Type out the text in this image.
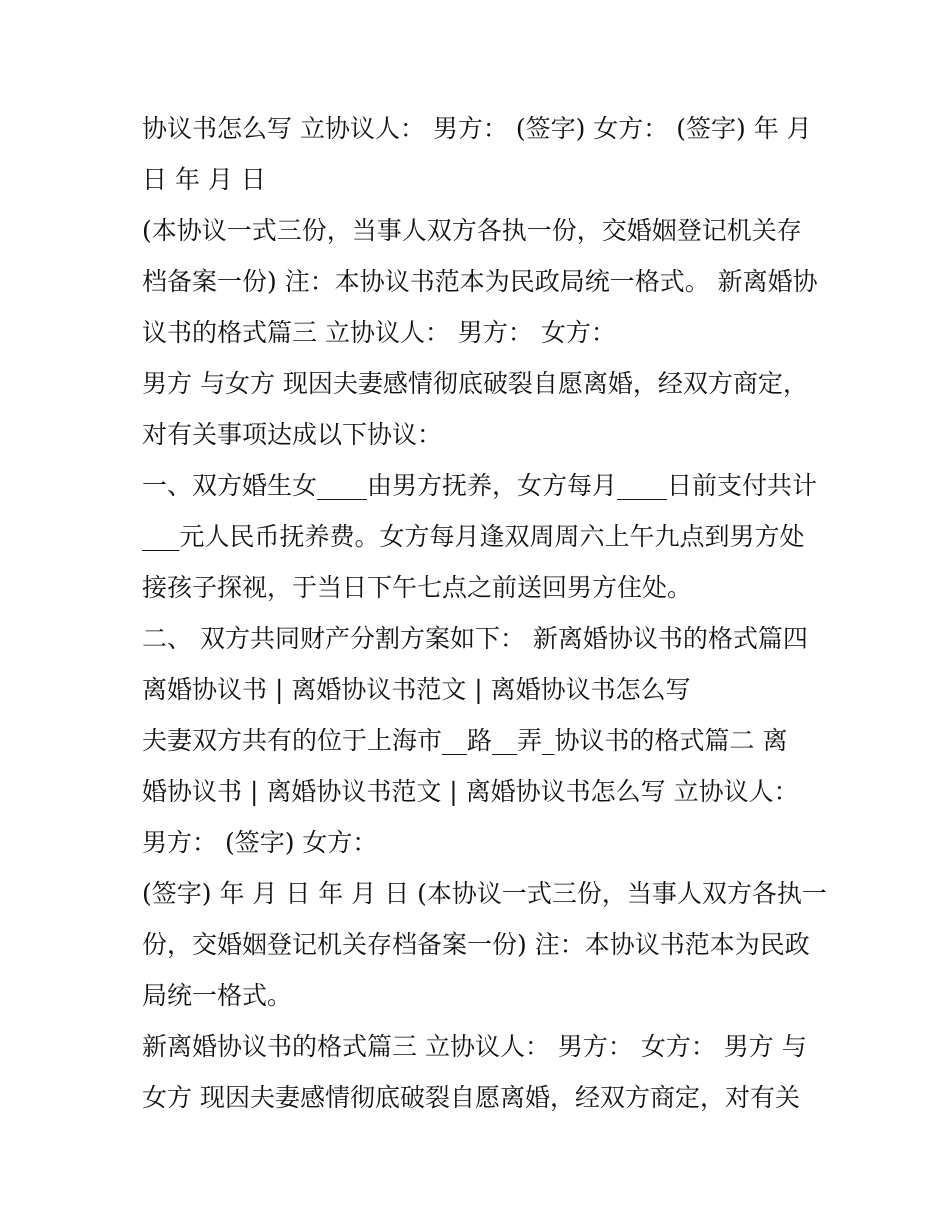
协议书怎么写 立协议人： 男方： (签字) 女方： (签字) 年 月

日 年 月 日

(本协议一式三份，当事人双方各执一份，交婚姻登记机关存

档备案一份) 注：本协议书范本为民政局统一格式。 新离婚协

议书的格式篇三 立协议人： 男方： 女方：

男方 与女方 现因夫妻感情彻底破裂自愿离婚，经双方商定，

对有关事项达成以下协议：

一、双方婚生女____由男方抚养，女方每月____日前支付共计

___元人民币抚养费。女方每月逢双周周六上午九点到男方处

接孩子探视，于当日下午七点之前送回男方住处。

二、 双方共同财产分割方案如下： 新离婚协议书的格式篇四

离婚协议书 | 离婚协议书范文 | 离婚协议书怎么写

夫妻双方共有的位于上海市__路__弄_协议书的格式篇二 离

婚协议书 | 离婚协议书范文 | 离婚协议书怎么写 立协议人：

男方： (签字) 女方：

(签字) 年 月 日 年 月 日 (本协议一式三份，当事人双方各执一

份，交婚姻登记机关存档备案一份) 注：本协议书范本为民政

局统一格式。

新离婚协议书的格式篇三 立协议人： 男方： 女方： 男方 与

女方 现因夫妻感情彻底破裂自愿离婚，经双方商定，对有关
